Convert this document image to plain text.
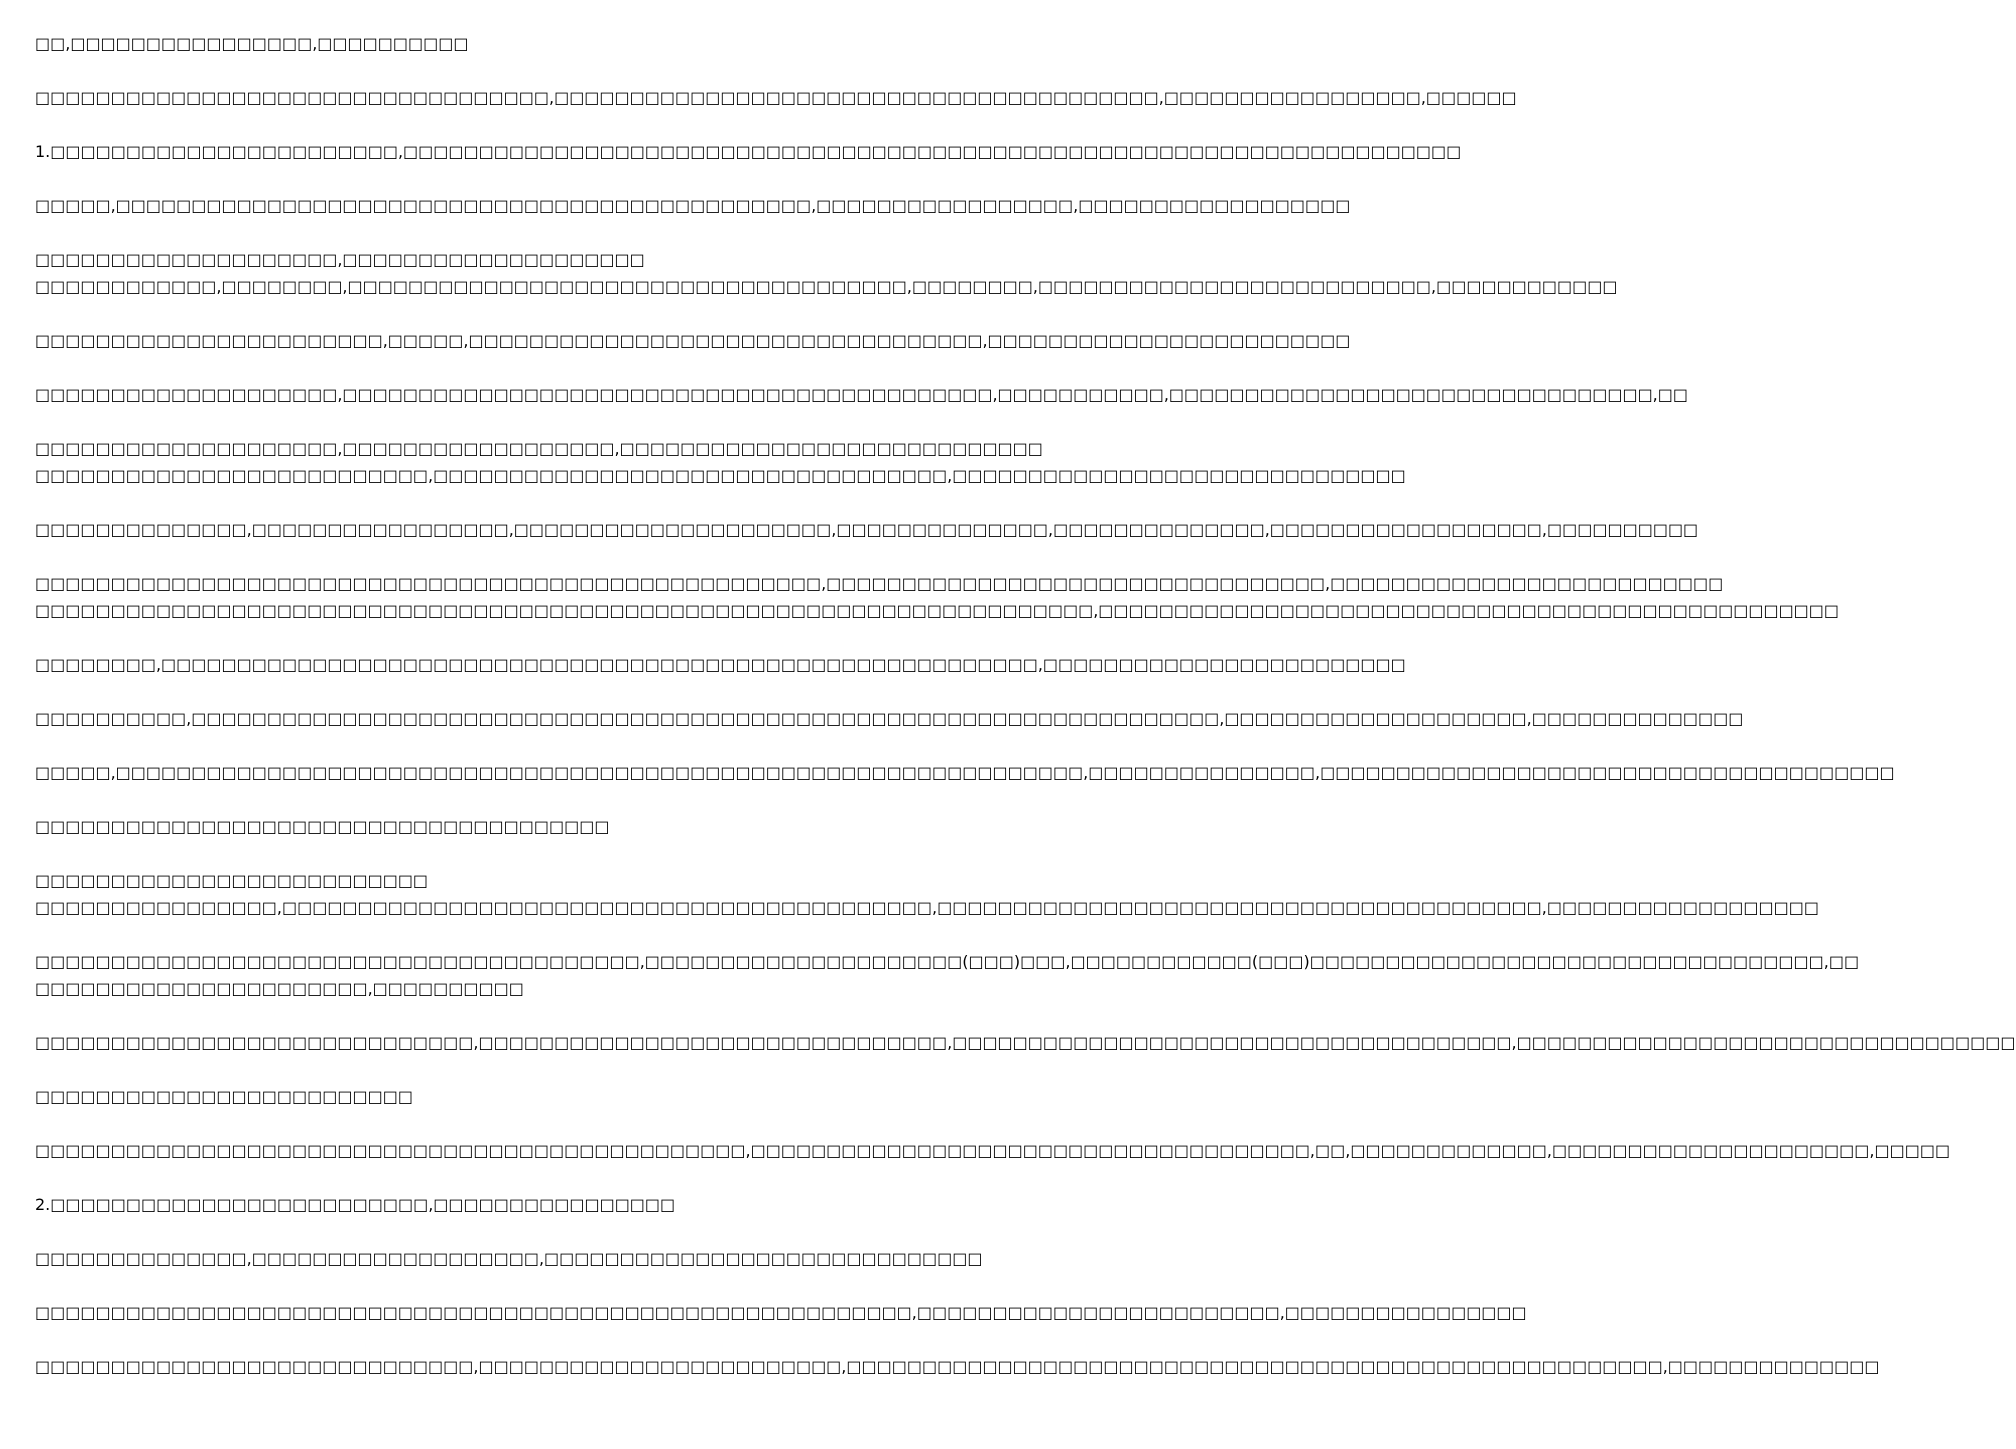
□□,□□□□□□□□□□□□□□□□,□□□□□□□□□□
□□□□□□□□□□□□□□□□□□□□□□□□□□□□□□□□□□,□□□□□□□□□□□□□□□□□□□□□□□□□□□□□□□□□□□□□□□□,□□□□□□□□□□□□□□□□□,□□□□□□
1.□□□□□□□□□□□□□□□□□□□□□□□,□□□□□□□□□□□□□□□□□□□□□□□□□□□□□□□□□□□□□□□□□□□□□□□□□□□□□□□□□□□□□□□□□□□□□□
□□□□□,□□□□□□□□□□□□□□□□□□□□□□□□□□□□□□□□□□□□□□□□□□□□□□,□□□□□□□□□□□□□□□□□,□□□□□□□□□□□□□□□□□□
□□□□□□□□□□□□□□□□□□□□,□□□□□□□□□□□□□□□□□□□□
□□□□□□□□□□□□,□□□□□□□□,□□□□□□□□□□□□□□□□□□□□□□□□□□□□□□□□□□□□□,□□□□□□□□,□□□□□□□□□□□□□□□□□□□□□□□□□□,□□□□□□□□□□□□
□□□□□□□□□□□□□□□□□□□□□□□,□□□□□,□□□□□□□□□□□□□□□□□□□□□□□□□□□□□□□□□□,□□□□□□□□□□□□□□□□□□□□□□□□
□□□□□□□□□□□□□□□□□□□□,□□□□□□□□□□□□□□□□□□□□□□□□□□□□□□□□□□□□□□□□□□□,□□□□□□□□□□□,□□□□□□□□□□□□□□□□□□□□□□□□□□□□□□□□,□□
□□□□□□□□□□□□□□□□□□□□,□□□□□□□□□□□□□□□□□□,□□□□□□□□□□□□□□□□□□□□□□□□□□□□
□□□□□□□□□□□□□□□□□□□□□□□□□□,□□□□□□□□□□□□□□□□□□□□□□□□□□□□□□□□□□,□□□□□□□□□□□□□□□□□□□□□□□□□□□□□□
□□□□□□□□□□□□□□,□□□□□□□□□□□□□□□□□,□□□□□□□□□□□□□□□□□□□□□,□□□□□□□□□□□□□□,□□□□□□□□□□□□□□,□□□□□□□□□□□□□□□□□□,□□□□□□□□□□
□□□□□□□□□□□□□□□□□□□□□□□□□□□□□□□□□□□□□□□□□□□□□□□□□□□□,□□□□□□□□□□□□□□□□□□□□□□□□□□□□□□□□□,□□□□□□□□□□□□□□□□□□□□□□□□□□
□□□□□□□□□□□□□□□□□□□□□□□□□□□□□□□□□□□□□□□□□□□□□□□□□□□□□□□□□□□□□□□□□□□□□□,□□□□□□□□□□□□□□□□□□□□□□□□□□□□□□□□□□□□□□□□□□□□□□□□□
□□□□□□□□,□□□□□□□□□□□□□□□□□□□□□□□□□□□□□□□□□□□□□□□□□□□□□□□□□□□□□□□□□□,□□□□□□□□□□□□□□□□□□□□□□□□
□□□□□□□□□□,□□□□□□□□□□□□□□□□□□□□□□□□□□□□□□□□□□□□□□□□□□□□□□□□□□□□□□□□□□□□□□□□□□□□,□□□□□□□□□□□□□□□□□□□□,□□□□□□□□□□□□□□
□□□□□,□□□□□□□□□□□□□□□□□□□□□□□□□□□□□□□□□□□□□□□□□□□□□□□□□□□□□□□□□□□□□□□□,□□□□□□□□□□□□□□□,□□□□□□□□□□□□□□□□□□□□□□□□□□□□□□□□□□□□□□
□□□□□□□□□□□□□□□□□□□□□□□□□□□□□□□□□□□□□□
□□□□□□□□□□□□□□□□□□□□□□□□□□
□□□□□□□□□□□□□□□□,□□□□□□□□□□□□□□□□□□□□□□□□□□□□□□□□□□□□□□□□□□□,□□□□□□□□□□□□□□□□□□□□□□□□□□□□□□□□□□□□□□□□,□□□□□□□□□□□□□□□□□□
□□□□□□□□□□□□□□□□□□□□□□□□□□□□□□□□□□□□□□□□,□□□□□□□□□□□□□□□□□□□□□(□□□)□□□,□□□□□□□□□□□□(□□□)□□□□□□□□□□□□□□□□□□□□□□□□□□□□□□□□□□,□□
□□□□□□□□□□□□□□□□□□□□□□,□□□□□□□□□□
□□□□□□□□□□□□□□□□□□□□□□□□□□□□□,□□□□□□□□□□□□□□□□□□□□□□□□□□□□□□□,□□□□□□□□□□□□□□□□□□□□□□□□□□□□□□□□□□□□□,□□□□□□□□□□□□□□□□□□□□□□□□□□□□□□□□□
□□□□□□□□□□□□□□□□□□□□□□□□□
□□□□□□□□□□□□□□□□□□□□□□□□□□□□□□□□□□□□□□□□□□□□□□□,□□□□□□□□□□□□□□□□□□□□□□□□□□□□□□□□□□□□□,□□,□□□□□□□□□□□□□,□□□□□□□□□□□□□□□□□□□□□,□□□□□
2.□□□□□□□□□□□□□□□□□□□□□□□□□,□□□□□□□□□□□□□□□□
□□□□□□□□□□□□□□,□□□□□□□□□□□□□□□□□□□,□□□□□□□□□□□□□□□□□□□□□□□□□□□□□
□□□□□□□□□□□□□□□□□□□□□□□□□□□□□□□□□□□□□□□□□□□□□□□□□□□□□□□□□□,□□□□□□□□□□□□□□□□□□□□□□□□,□□□□□□□□□□□□□□□□
□□□□□□□□□□□□□□□□□□□□□□□□□□□□□,□□□□□□□□□□□□□□□□□□□□□□□□,□□□□□□□□□□□□□□□□□□□□□□□□□□□□□□□□□□□□□□□□□□□□□□□□□□□□□□,□□□□□□□□□□□□□□
